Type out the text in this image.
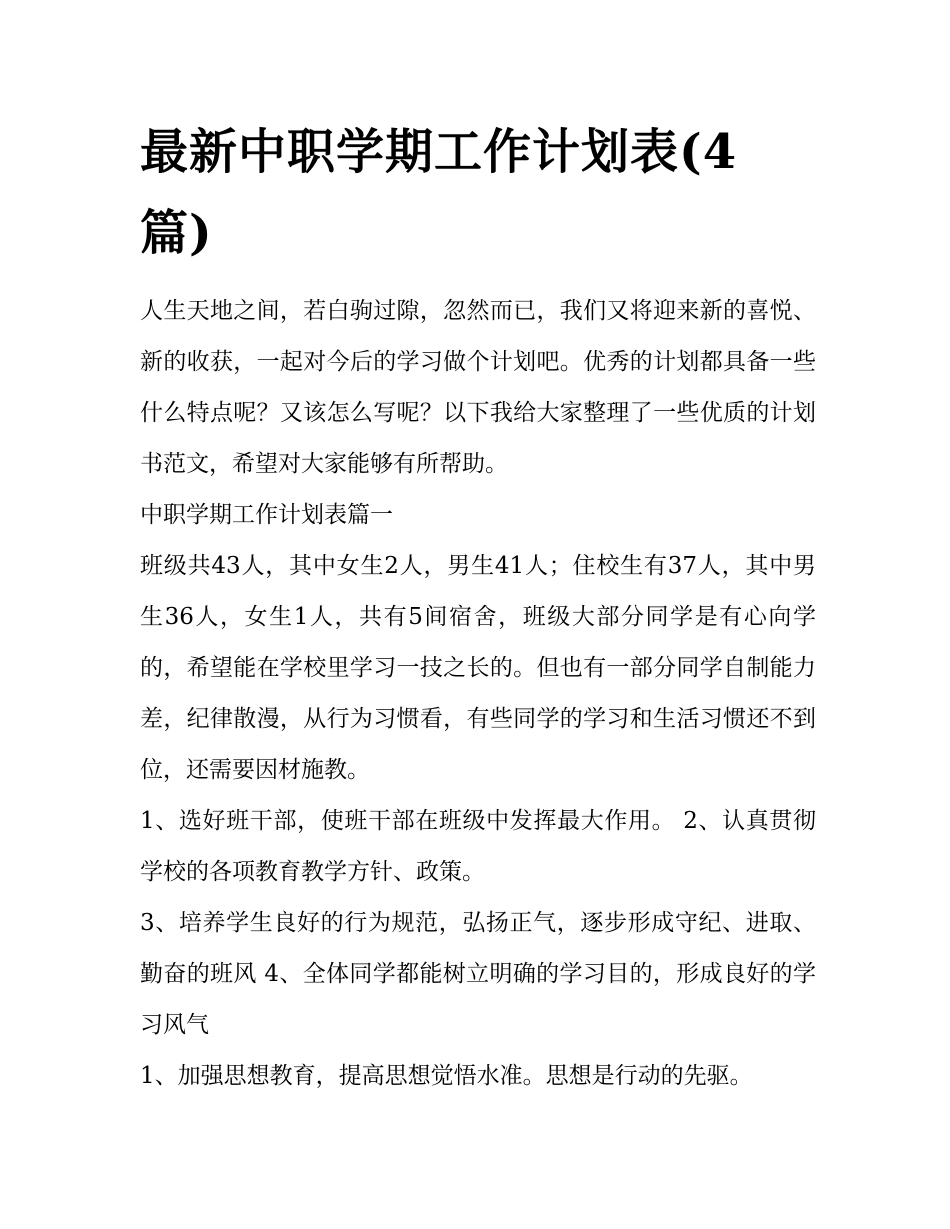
最新中职学期工作计划表(4篇)

人生天地之间，若白驹过隙，忽然而已，我们又将迎来新的喜悦、新的收获，一起对今后的学习做个计划吧。优秀的计划都具备一些什么特点呢？又该怎么写呢？以下我给大家整理了一些优质的计划书范文，希望对大家能够有所帮助。

中职学期工作计划表篇一

班级共43人，其中女生2人，男生41人；住校生有37人，其中男生36人，女生1人，共有5间宿舍，班级大部分同学是有心向学的，希望能在学校里学习一技之长的。但也有一部分同学自制能力差，纪律散漫，从行为习惯看，有些同学的学习和生活习惯还不到位，还需要因材施教。

1、选好班干部，使班干部在班级中发挥最大作用。 2、认真贯彻学校的各项教育教学方针、政策。

3、培养学生良好的行为规范，弘扬正气，逐步形成守纪、进取、勤奋的班风 4、全体同学都能树立明确的学习目的，形成良好的学习风气

1、加强思想教育，提高思想觉悟水准。思想是行动的先驱。
